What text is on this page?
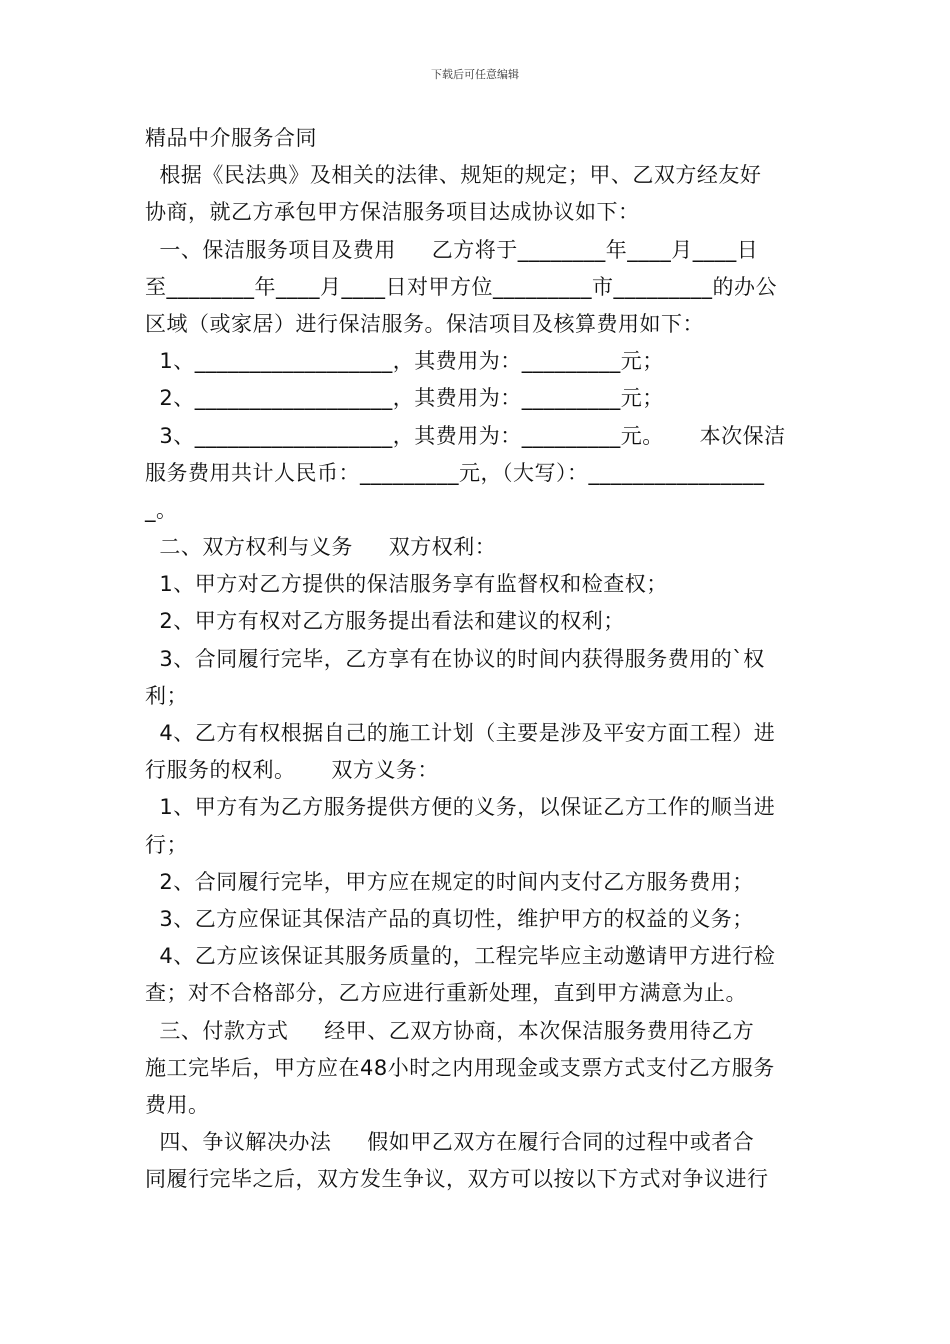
下载后可任意编辑
精品中介服务合同
根据《民法典》及相关的法律、规矩的规定；甲、乙双方经友好
协商，就乙方承包甲方保洁服务项目达成协议如下：
一、保洁服务项目及费用     乙方将于________年____月____日
至________年____月____日对甲方位_________市_________的办公
区域（或家居）进行保洁服务。保洁项目及核算费用如下：
1、__________________，其费用为：_________元；
2、__________________，其费用为：_________元；
3、__________________，其费用为：_________元。     本次保洁
服务费用共计人民币：_________元，（大写）：________________
_。
二、双方权利与义务     双方权利：
1、甲方对乙方提供的保洁服务享有监督权和检查权；
2、甲方有权对乙方服务提出看法和建议的权利；
3、合同履行完毕，乙方享有在协议的时间内获得服务费用的`权
利；
4、乙方有权根据自己的施工计划（主要是涉及平安方面工程）进
行服务的权利。     双方义务：
1、甲方有为乙方服务提供方便的义务，以保证乙方工作的顺当进
行；
2、合同履行完毕，甲方应在规定的时间内支付乙方服务费用；
3、乙方应保证其保洁产品的真切性，维护甲方的权益的义务；
4、乙方应该保证其服务质量的，工程完毕应主动邀请甲方进行检
查；对不合格部分，乙方应进行重新处理，直到甲方满意为止。
三、付款方式     经甲、乙双方协商，本次保洁服务费用待乙方
施工完毕后，甲方应在48小时之内用现金或支票方式支付乙方服务
费用。
四、争议解决办法     假如甲乙双方在履行合同的过程中或者合
同履行完毕之后，双方发生争议，双方可以按以下方式对争议进行
